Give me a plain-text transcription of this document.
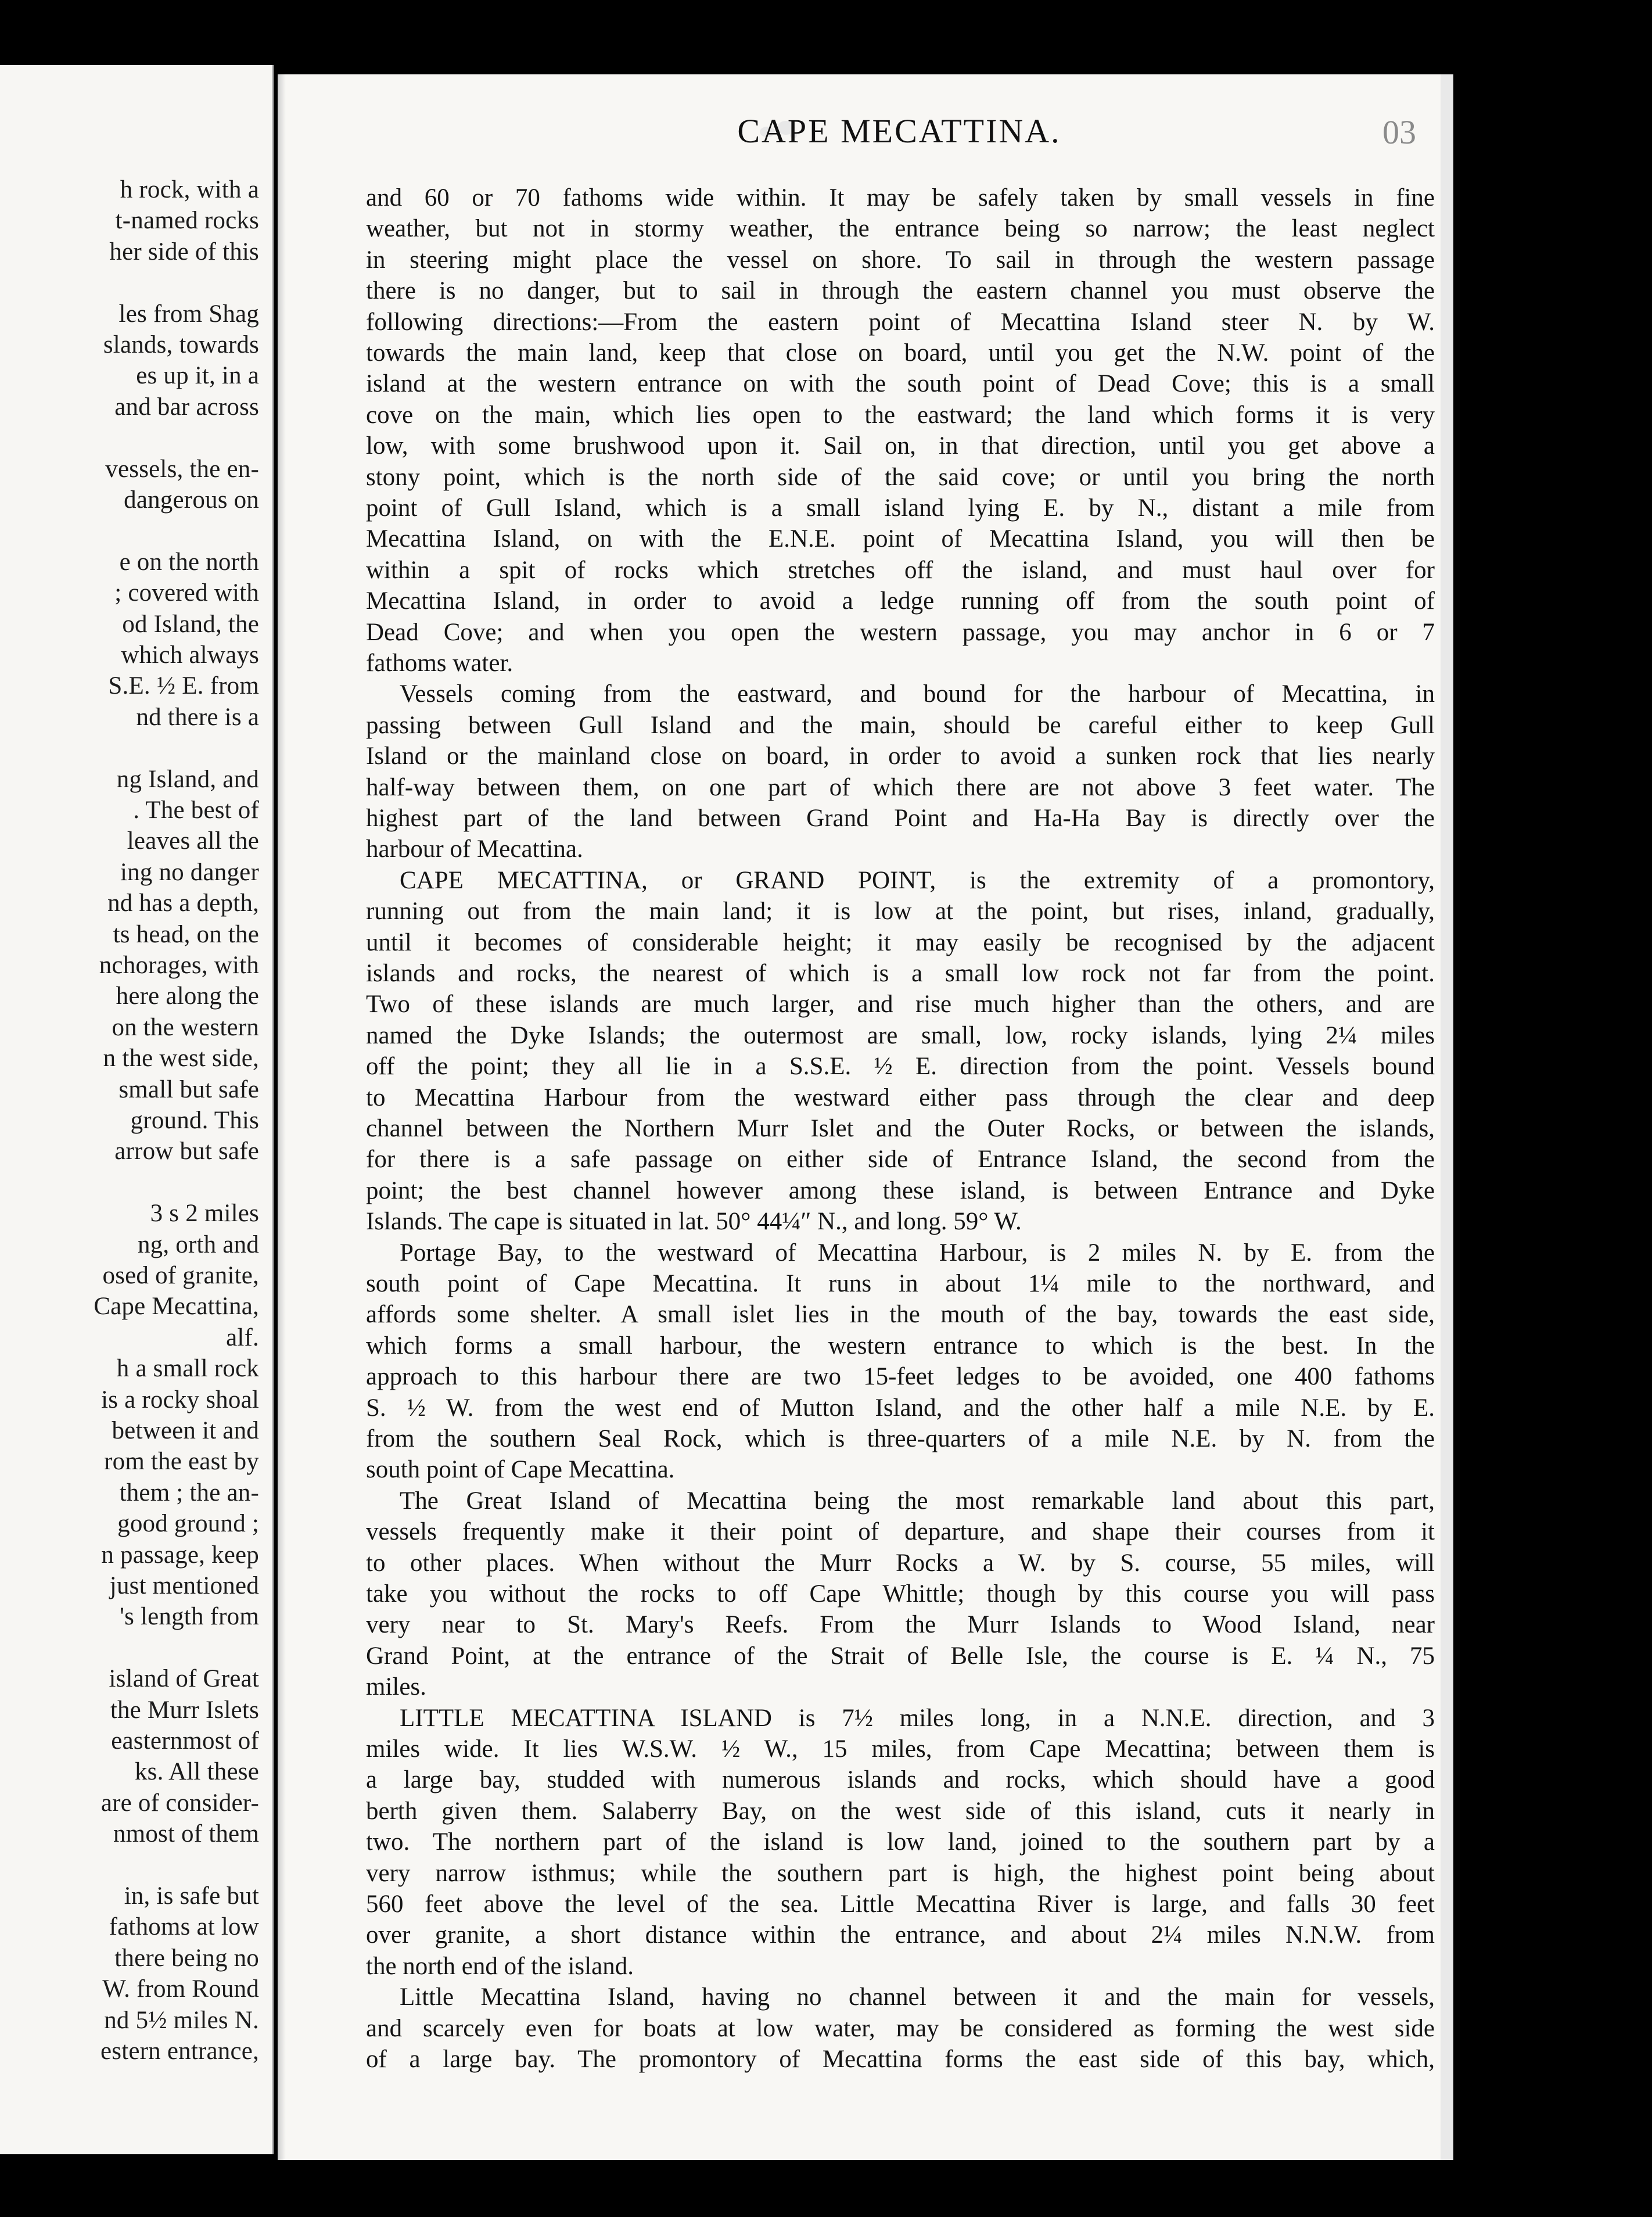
h rock, with a
t-named rocks
her side of this
les from Shag
slands, towards
es up it, in a
and bar across
vessels, the en-
dangerous on
e on the north
; covered with
od Island, the
which always
S.E. ½ E. from
nd there is a
ng Island, and
. The best of
leaves all the
ing no danger
nd has a depth,
ts head, on the
nchorages, with
here along the
on the western
n the west side,
small but safe
ground. This
arrow but safe
3 s 2 miles
ng, orth and
osed of granite,
Cape Mecattina,
alf.
h a small rock
is a rocky shoal
between it and
rom the east by
them ; the an-
good ground ;
n passage, keep
just mentioned
's length from
island of Great
the Murr Islets
easternmost of
ks. All these
are of consider-
nmost of them
in, is safe but
fathoms at low
there being no
W. from Round
nd 5½ miles N.
estern entrance,
CAPE MECATTINA.	03
and 60 or 70 fathoms wide within. It may be safely taken by small vessels in fine
weather, but not in stormy weather, the entrance being so narrow; the least neglect
in steering might place the vessel on shore. To sail in through the western passage
there is no danger, but to sail in through the eastern channel you must observe the
following directions:—From the eastern point of Mecattina Island steer N. by W.
towards the main land, keep that close on board, until you get the N.W. point of the
island at the western entrance on with the south point of Dead Cove; this is a small
cove on the main, which lies open to the eastward; the land which forms it is very
low, with some brushwood upon it. Sail on, in that direction, until you get above a
stony point, which is the north side of the said cove; or until you bring the north
point of Gull Island, which is a small island lying E. by N., distant a mile from
Mecattina Island, on with the E.N.E. point of Mecattina Island, you will then be
within a spit of rocks which stretches off the island, and must haul over for
Mecattina Island, in order to avoid a ledge running off from the south point of
Dead Cove; and when you open the western passage, you may anchor in 6 or 7
fathoms water.
Vessels coming from the eastward, and bound for the harbour of Mecattina, in
passing between Gull Island and the main, should be careful either to keep Gull
Island or the mainland close on board, in order to avoid a sunken rock that lies nearly
half-way between them, on one part of which there are not above 3 feet water. The
highest part of the land between Grand Point and Ha-Ha Bay is directly over the
harbour of Mecattina.
CAPE MECATTINA, or GRAND POINT, is the extremity of a promontory,
running out from the main land; it is low at the point, but rises, inland, gradually,
until it becomes of considerable height; it may easily be recognised by the adjacent
islands and rocks, the nearest of which is a small low rock not far from the point.
Two of these islands are much larger, and rise much higher than the others, and are
named the Dyke Islands; the outermost are small, low, rocky islands, lying 2¼ miles
off the point; they all lie in a S.S.E. ½ E. direction from the point. Vessels bound
to Mecattina Harbour from the westward either pass through the clear and deep
channel between the Northern Murr Islet and the Outer Rocks, or between the islands,
for there is a safe passage on either side of Entrance Island, the second from the
point; the best channel however among these island, is between Entrance and Dyke
Islands. The cape is situated in lat. 50° 44¼″ N., and long. 59° W.
Portage Bay, to the westward of Mecattina Harbour, is 2 miles N. by E. from the
south point of Cape Mecattina. It runs in about 1¼ mile to the northward, and
affords some shelter. A small islet lies in the mouth of the bay, towards the east side,
which forms a small harbour, the western entrance to which is the best. In the
approach to this harbour there are two 15-feet ledges to be avoided, one 400 fathoms
S. ½ W. from the west end of Mutton Island, and the other half a mile N.E. by E.
from the southern Seal Rock, which is three-quarters of a mile N.E. by N. from the
south point of Cape Mecattina.
The Great Island of Mecattina being the most remarkable land about this part,
vessels frequently make it their point of departure, and shape their courses from it
to other places. When without the Murr Rocks a W. by S. course, 55 miles, will
take you without the rocks to off Cape Whittle; though by this course you will pass
very near to St. Mary's Reefs. From the Murr Islands to Wood Island, near
Grand Point, at the entrance of the Strait of Belle Isle, the course is E. ¼ N., 75
miles.
LITTLE MECATTINA ISLAND is 7½ miles long, in a N.N.E. direction, and 3
miles wide. It lies W.S.W. ½ W., 15 miles, from Cape Mecattina; between them is
a large bay, studded with numerous islands and rocks, which should have a good
berth given them. Salaberry Bay, on the west side of this island, cuts it nearly in
two. The northern part of the island is low land, joined to the southern part by a
very narrow isthmus; while the southern part is high, the highest point being about
560 feet above the level of the sea. Little Mecattina River is large, and falls 30 feet
over granite, a short distance within the entrance, and about 2¼ miles N.N.W. from
the north end of the island.
Little Mecattina Island, having no channel between it and the main for vessels,
and scarcely even for boats at low water, may be considered as forming the west side
of a large bay. The promontory of Mecattina forms the east side of this bay, which,
